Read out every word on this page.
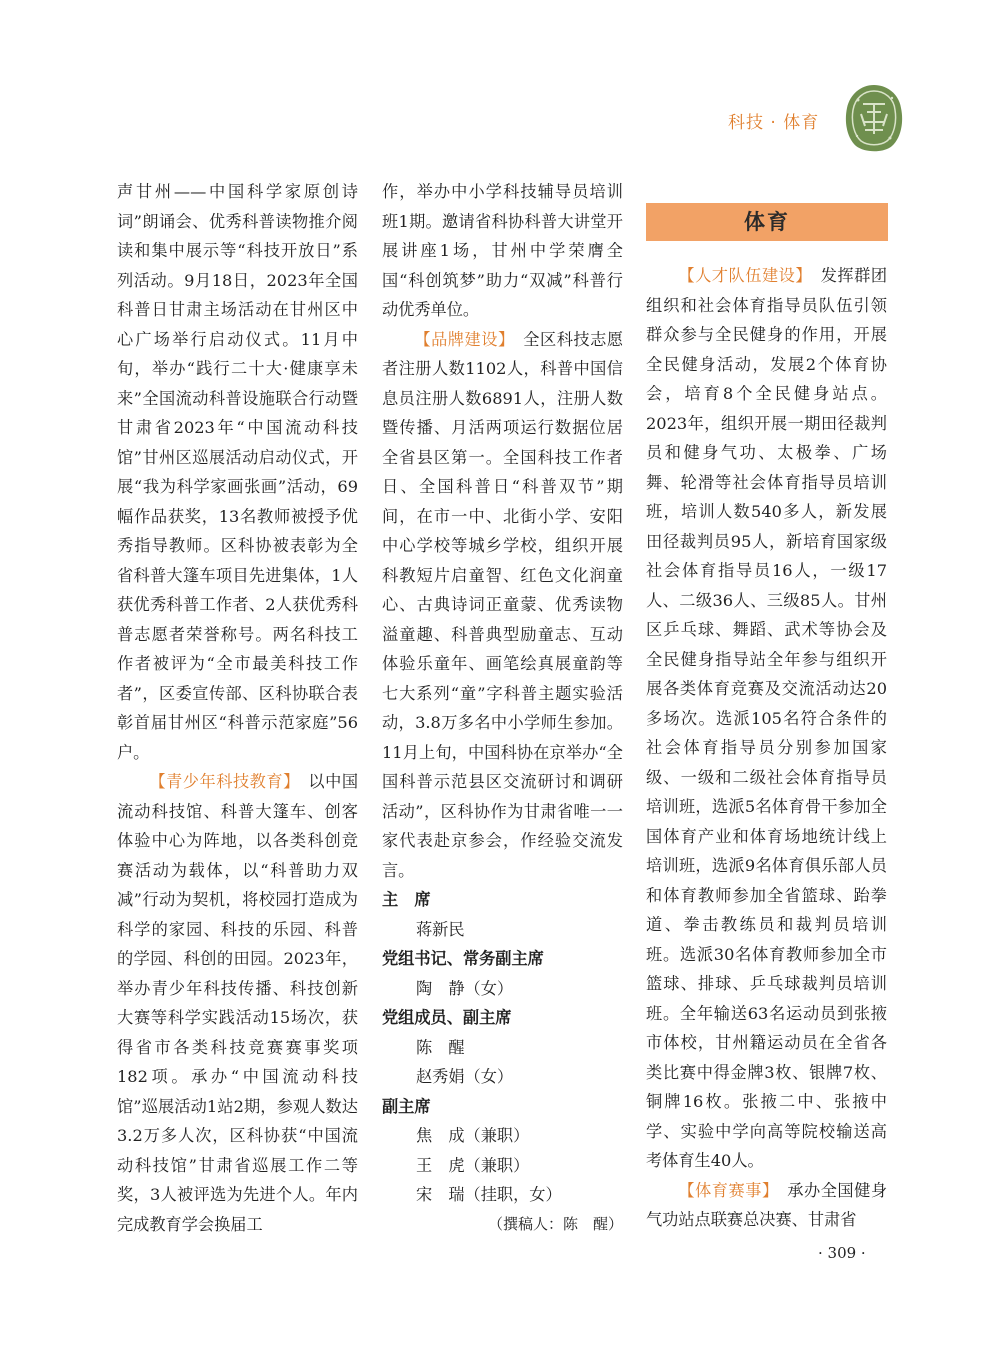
科技 · 体育

声甘州——中国科学家原创诗词”朗诵会、优秀科普读物推介阅读和集中展示等“科技开放日”系列活动。9月18日，2023年全国科普日甘肃主场活动在甘州区中心广场举行启动仪式。11月中旬，举办“践行二十大·健康享未来”全国流动科普设施联合行动暨甘肃省2023年“中国流动科技馆”甘州区巡展活动启动仪式，开展“我为科学家画张画”活动，69幅作品获奖，13名教师被授予优秀指导教师。区科协被表彰为全省科普大篷车项目先进集体，1人获优秀科普工作者、2人获优秀科普志愿者荣誉称号。两名科技工作者被评为“全市最美科技工作者”，区委宣传部、区科协联合表彰首届甘州区“科普示范家庭”56户。

【青少年科技教育】　 以中国流动科技馆、科普大篷车、创客体验中心为阵地，以各类科创竞赛活动为载体，以“科普助力双减”行动为契机，将校园打造成为科学的家园、科技的乐园、科普的学园、科创的田园。2023年，举办青少年科技传播、科技创新大赛等科学实践活动15场次，获得省市各类科技竞赛赛事奖项182项。承办“中国流动科技馆”巡展活动1站2期，参观人数达3.2万多人次，区科协获“中国流动科技馆”甘肃省巡展工作二等奖，3人被评选为先进个人。年内完成教育学会换届工

作，举办中小学科技辅导员培训班1期。邀请省科协科普大讲堂开展讲座1场，甘州中学荣膺全国“科创筑梦”助力“双减”科普行动优秀单位。

【品牌建设】　 全区科技志愿者注册人数1102人，科普中国信息员注册人数6891人，注册人数暨传播、月活两项运行数据位居全省县区第一。全国科技工作者日、全国科普日“科普双节”期间，在市一中、北街小学、安阳中心学校等城乡学校，组织开展科教短片启童智、红色文化润童心、古典诗词正童蒙、优秀读物溢童趣、科普典型励童志、互动体验乐童年、画笔绘真展童韵等七大系列“童”字科普主题实验活动，3.8万多名中小学师生参加。11月上旬，中国科协在京举办“全国科普示范县区交流研讨和调研活动”，区科协作为甘肃省唯一一家代表赴京参会，作经验交流发言。

主　席

蒋新民

党组书记、常务副主席

陶　静（女）

党组成员、副主席

陈　醒

赵秀娟（女）

副主席

焦　成（兼职）

王　虎（兼职）

宋　瑞（挂职，女）

（撰稿人：陈　醒）

体育

【人才队伍建设】　 发挥群团组织和社会体育指导员队伍引领群众参与全民健身的作用，开展全民健身活动，发展2个体育协会，培育8个全民健身站点。2023年，组织开展一期田径裁判员和健身气功、太极拳、广场舞、轮滑等社会体育指导员培训班，培训人数540多人，新发展田径裁判员95人，新培育国家级社会体育指导员16人，一级17人、二级36人、三级85人。甘州区乒乓球、舞蹈、武术等协会及全民健身指导站全年参与组织开展各类体育竞赛及交流活动达20多场次。选派105名符合条件的社会体育指导员分别参加国家级、一级和二级社会体育指导员培训班，选派5名体育骨干参加全国体育产业和体育场地统计线上培训班，选派9名体育俱乐部人员和体育教师参加全省篮球、跆拳道、拳击教练员和裁判员培训班。选派30名体育教师参加全市篮球、排球、乒乓球裁判员培训班。全年输送63名运动员到张掖市体校，甘州籍运动员在全省各类比赛中得金牌3枚、银牌7枚、铜牌16枚。张掖二中、张掖中学、实验中学向高等院校输送高考体育生40人。

【体育赛事】　 承办全国健身气功站点联赛总决赛、甘肃省

· 309 ·
